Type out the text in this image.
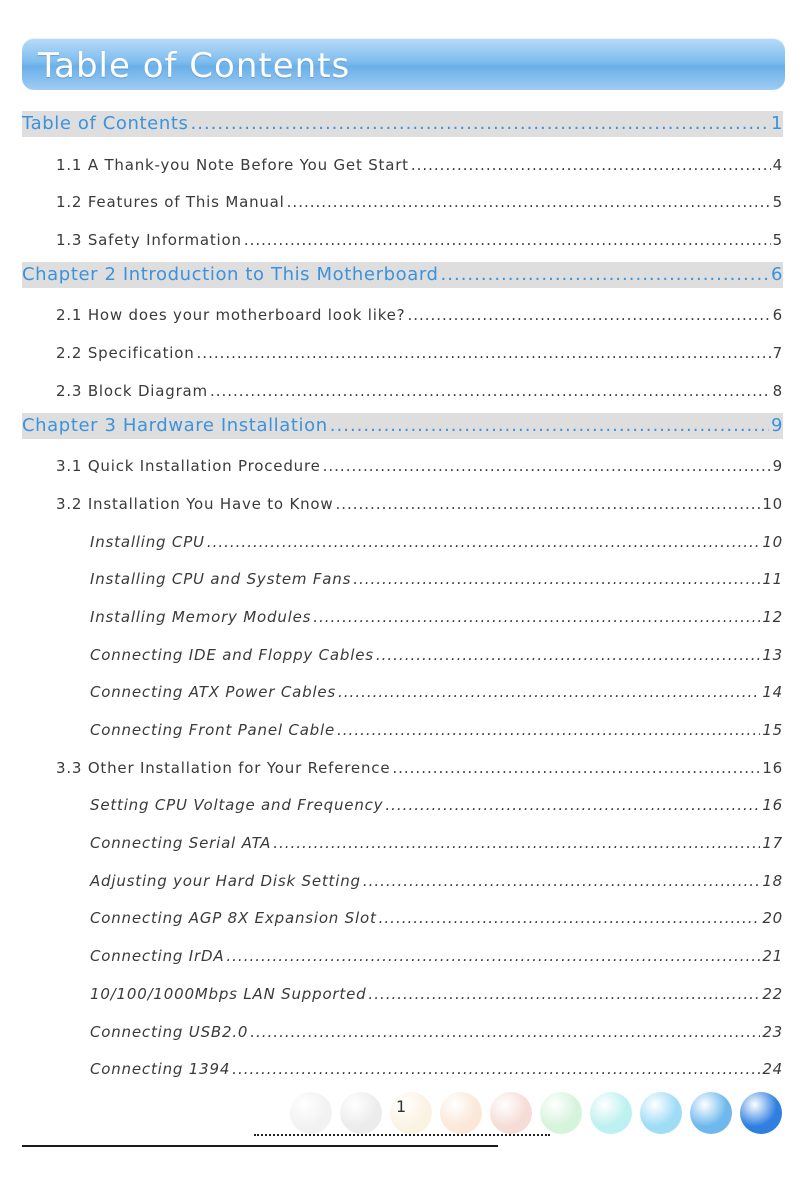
Table of Contents
Table of Contents .....	1
1.1 A Thank-you Note Before You Get Start .....	4
1.2 Features of This Manual .....	5
1.3 Safety Information .....	5
Chapter 2 Introduction to This Motherboard .....	6
2.1 How does your motherboard look like? .....	6
2.2 Specification .....	7
2.3 Block Diagram .....	8
Chapter 3 Hardware Installation .....	9
3.1 Quick Installation Procedure .....	9
3.2 Installation You Have to Know .....	10
Installing CPU .....	10
Installing CPU and System Fans .....	11
Installing Memory Modules .....	12
Connecting IDE and Floppy Cables .....	13
Connecting ATX Power Cables .....	14
Connecting Front Panel Cable .....	15
3.3 Other Installation for Your Reference .....	16
Setting CPU Voltage and Frequency .....	16
Connecting Serial ATA .....	17
Adjusting your Hard Disk Setting .....	18
Connecting AGP 8X Expansion Slot .....	20
Connecting IrDA .....	21
10/100/1000Mbps LAN Supported .....	22
Connecting USB2.0 .....	23
Connecting 1394 .....	24
1
